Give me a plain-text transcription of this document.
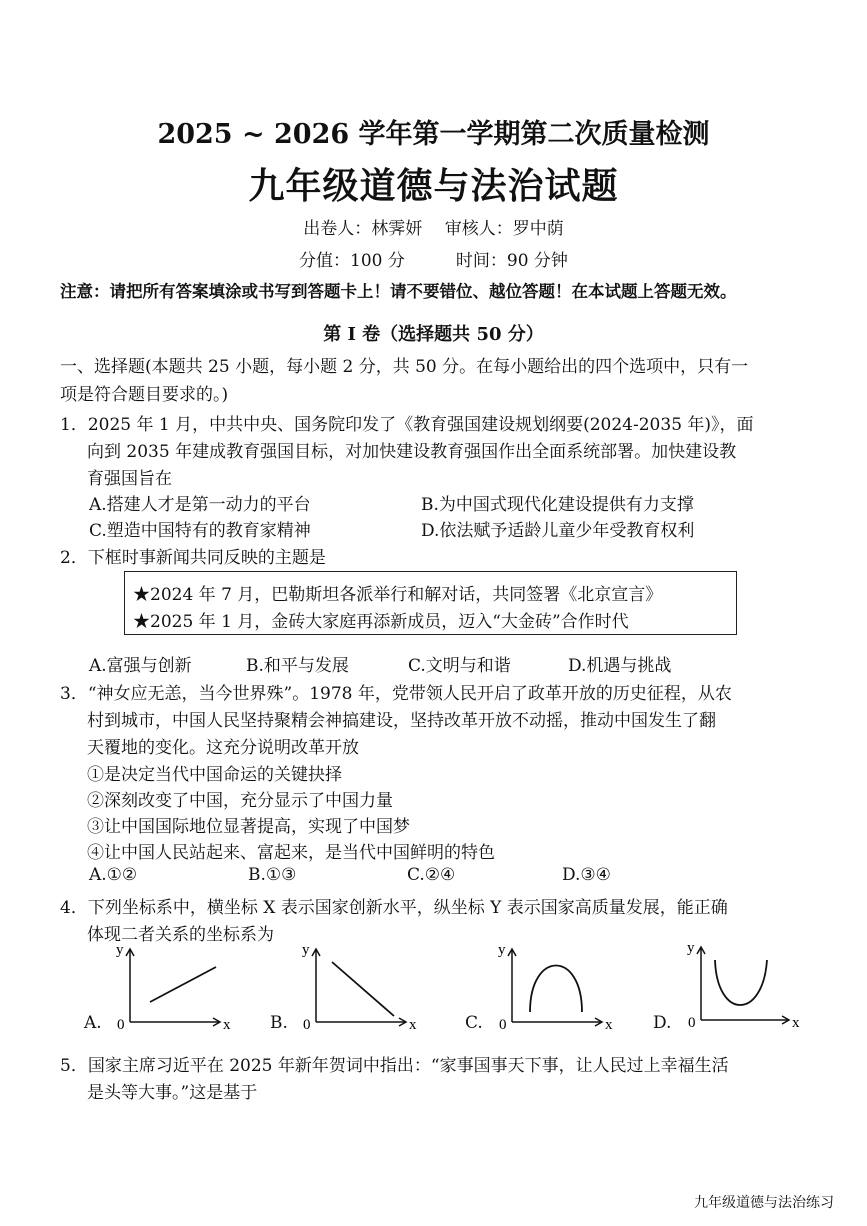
2025 ~ 2026 学年第一学期第二次质量检测
九年级道德与法治试题
出卷人：林霁妍　 审核人：罗中荫
分值：100 分　　　时间：90 分钟
注意：请把所有答案填涂或书写到答题卡上！请不要错位、越位答题！在本试题上答题无效。
第 I 卷（选择题共 50 分）
一、选择题(本题共 25 小题，每小题 2 分，共 50 分。在每小题给出的四个选项中，只有一
项是符合题目要求的。)
1．2025 年 1 月，中共中央、国务院印发了《教育强国建设规划纲要(2024-2035 年)》，面
向到 2035 年建成教育强国目标，对加快建设教育强国作出全面系统部署。加快建设教
育强国旨在
A.搭建人才是第一动力的平台	B.为中国式现代化建设提供有力支撑
C.塑造中国特有的教育家精神	D.依法赋予适龄儿童少年受教育权利
2．下框时事新闻共同反映的主题是
★2024 年 7 月，巴勒斯坦各派举行和解对话，共同签署《北京宣言》
★2025 年 1 月，金砖大家庭再添新成员，迈入“大金砖”合作时代
A.富强与创新	B.和平与发展	C.文明与和谐	D.机遇与挑战
3．“神女应无恙，当今世界殊”。1978 年，党带领人民开启了政革开放的历史征程，从农
村到城市，中国人民坚持聚精会神搞建设，坚持改革开放不动摇，推动中国发生了翻
天覆地的变化。这充分说明改革开放
①是决定当代中国命运的关键抉择
②深刻改变了中国，充分显示了中国力量
③让中国国际地位显著提高，实现了中国梦
④让中国人民站起来、富起来，是当代中国鲜明的特色
A.①②	B.①③	C.②④	D.③④
4．下列坐标系中，横坐标 X 表示国家创新水平，纵坐标 Y 表示国家高质量发展，能正确
体现二者关系的坐标系为
A.
y
0	x B.
y
0	x	C.
y
0	x D.
y
0	x
5．国家主席习近平在 2025 年新年贺词中指出：“家事国事天下事，让人民过上幸福生活
是头等大事。”这是基于
九年级道德与法治练习
